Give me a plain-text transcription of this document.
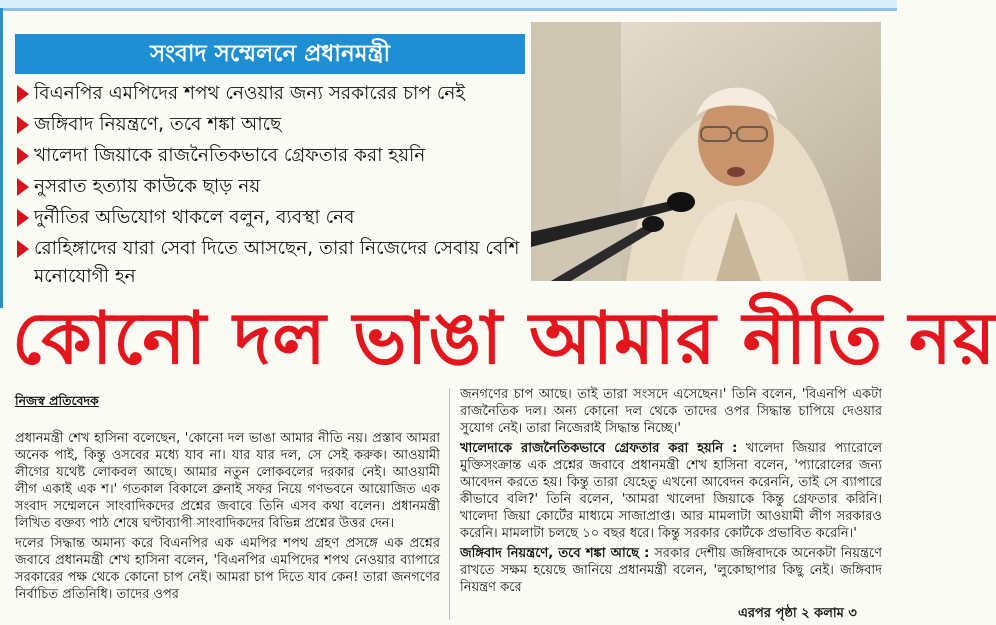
সংবাদ সম্মেলনে প্রধানমন্ত্রী
বিএনপির এমপিদের শপথ নেওয়ার জন্য সরকারের চাপ নেই
জঙ্গিবাদ নিয়ন্ত্রণে, তবে শঙ্কা আছে
খালেদা জিয়াকে রাজনৈতিকভাবে গ্রেফতার করা হয়নি
নুসরাত হত্যায় কাউকে ছাড় নয়
দুর্নীতির অভিযোগ থাকলে বলুন, ব্যবস্থা নেব
রোহিঙ্গাদের যারা সেবা দিতে আসছেন, তারা নিজেদের সেবায় বেশি মনোযোগী হন
কোনো দল ভাঙা আমার নীতি নয়
নিজস্ব প্রতিবেদক

প্রধানমন্ত্রী শেখ হাসিনা বলেছেন, 'কোনো দল ভাঙা আমার নীতি নয়। প্রস্তাব আমরা অনেক পাই, কিন্তু ওসবের মধ্যে যাব না। যার যার দল, সে সেই করুক। আওয়ামী লীগের যথেষ্ট লোকবল আছে। আমার নতুন লোকবলের দরকার নেই। আওয়ামী লীগ একাই এক শ।' গতকাল বিকালে ব্রুনাই সফর নিয়ে গণভবনে আয়োজিত এক সংবাদ সম্মেলনে সাংবাদিকদের প্রশ্নের জবাবে তিনি এসব কথা বলেন। প্রধানমন্ত্রী লিখিত বক্তব্য পাঠ শেষে ঘণ্টাব্যাপী সাংবাদিকদের বিভিন্ন প্রশ্নের উত্তর দেন।

দলের সিদ্ধান্ত অমান্য করে বিএনপির এক এমপির শপথ গ্রহণ প্রসঙ্গে এক প্রশ্নের জবাবে প্রধানমন্ত্রী শেখ হাসিনা বলেন, 'বিএনপির এমপিদের শপথ নেওয়ার ব্যাপারে সরকারের পক্ষ থেকে কোনো চাপ নেই। আমরা চাপ দিতে যাব কেন! তারা জনগণের নির্বাচিত প্রতিনিধি। তাদের ওপর

জনগণের চাপ আছে। তাই তারা সংসদে এসেছেন।' তিনি বলেন, 'বিএনপি একটা রাজনৈতিক দল। অন্য কোনো দল থেকে তাদের ওপর সিদ্ধান্ত চাপিয়ে দেওয়ার সুযোগ নেই। তারা নিজেরাই সিদ্ধান্ত নিচ্ছে।'

খালেদাকে রাজনৈতিকভাবে গ্রেফতার করা হয়নি : খালেদা জিয়ার প্যারোলে মুক্তিসংক্রান্ত এক প্রশ্নের জবাবে প্রধানমন্ত্রী শেখ হাসিনা বলেন, 'প্যারোলের জন্য আবেদন করতে হয়। কিন্তু তারা যেহেতু এখনো আবেদন করেননি, তাই সে ব্যাপারে কীভাবে বলি?' তিনি বলেন, 'আমরা খালেদা জিয়াকে কিন্তু গ্রেফতার করিনি। খালেদা জিয়া কোর্টের মাধ্যমে সাজাপ্রাপ্ত। আর মামলাটা আওয়ামী লীগ সরকারও করেনি। মামলাটা চলছে ১০ বছর ধরে। কিন্তু সরকার কোর্টকে প্রভাবিত করেনি।'

জঙ্গিবাদ নিয়ন্ত্রণে, তবে শঙ্কা আছে : সরকার দেশীয় জঙ্গিবাদকে অনেকটা নিয়ন্ত্রণে রাখতে সক্ষম হয়েছে জানিয়ে প্রধানমন্ত্রী বলেন, 'লুকোছাপার কিছু নেই। জঙ্গিবাদ নিয়ন্ত্রণ করে

এরপর পৃষ্ঠা ২ কলাম ৩
